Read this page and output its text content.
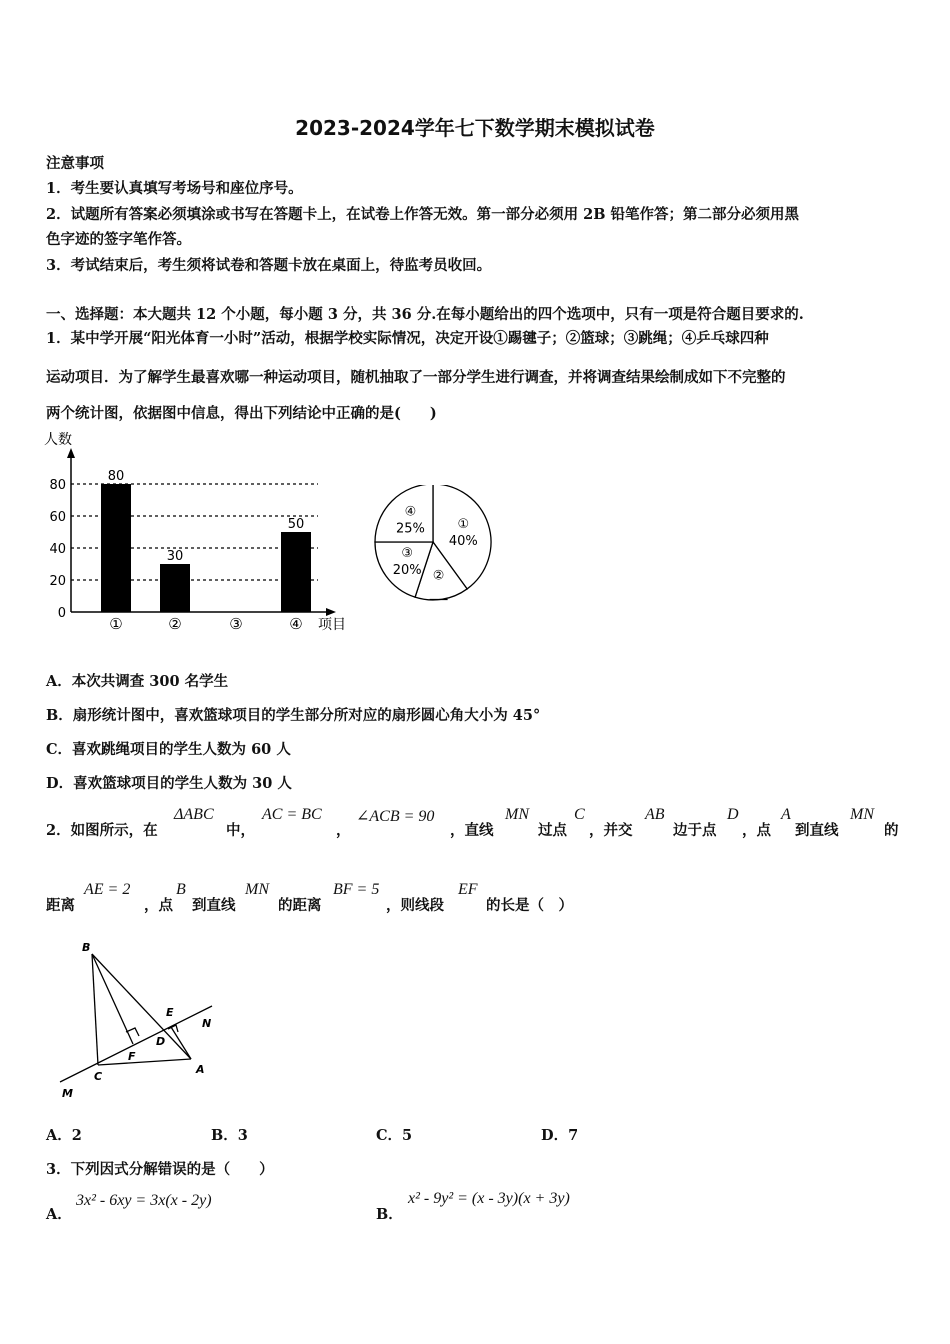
2023-2024学年七下数学期末模拟试卷
注意事项
1．考生要认真填写考场号和座位序号。
2．试题所有答案必须填涂或书写在答题卡上，在试卷上作答无效。第一部分必须用 2B 铅笔作答；第二部分必须用黑
色字迹的签字笔作答。
3．考试结束后，考生须将试卷和答题卡放在桌面上，待监考员收回。
一、选择题：本大题共 12 个小题，每小题 3 分，共 36 分.在每小题给出的四个选项中，只有一项是符合题目要求的.
1．某中学开展“阳光体育一小时”活动，根据学校实际情况，决定开设①踢毽子；②篮球；③跳绳；④乒乓球四种
运动项目．为了解学生最喜欢哪一种运动项目，随机抽取了一部分学生进行调查，并将调查结果绘制成如下不完整的
两个统计图，依据图中信息，得出下列结论中正确的是(　　)
人数
项目
0
20
40
60
80
80
30
50
①	②	③	④
①
40%
②
③
20%
④
25%
A．本次共调查 300 名学生
B．扇形统计图中，喜欢篮球项目的学生部分所对应的扇形圆心角大小为 45°
C．喜欢跳绳项目的学生人数为 60 人
D．喜欢篮球项目的学生人数为 30 人
2．如图所示，在
ΔABC
中，
AC = BC
，
∠ACB = 90
，直线
MN
过点
C
，并交
AB
边于点
D
，点
A
到直线
MN
的
距离
AE = 2
，点
B
到直线
MN
的距离
BF = 5
，则线段
EF
的长是（　）
B
E
N
D
F
C
A
M
A．2	B．3	C．5	D．7
3．下列因式分解错误的是（　　）
A．
3x² - 6xy = 3x(x - 2y)
B．
x² - 9y² = (x - 3y)(x + 3y)
